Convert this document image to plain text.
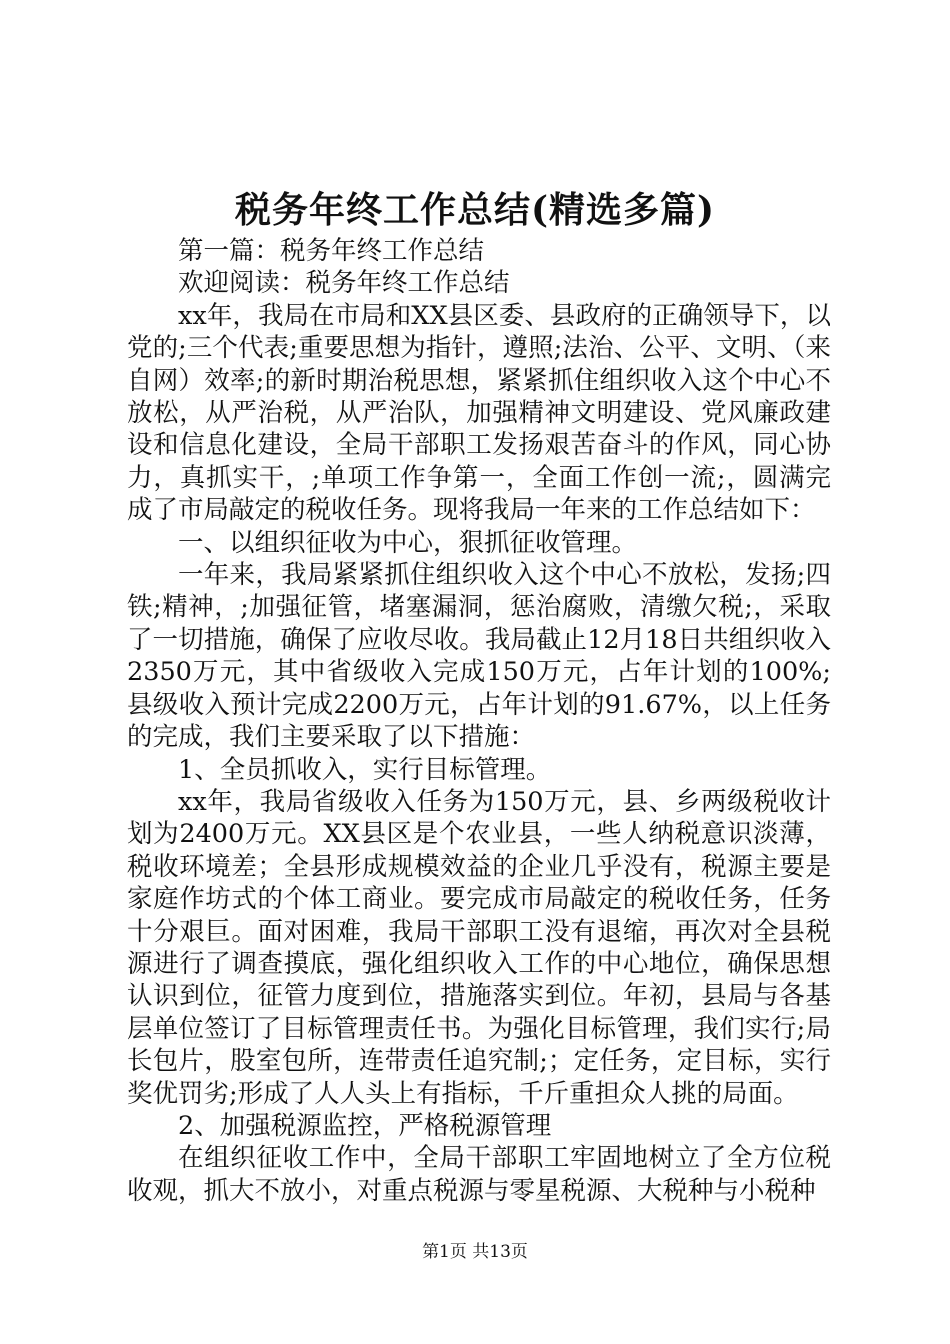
税务年终工作总结(精选多篇)

第一篇：税务年终工作总结

欢迎阅读：税务年终工作总结

xx年，我局在市局和XX县区委、县政府的正确领导下，以党的;三个代表;重要思想为指针，遵照;法治、公平、文明、（来自网）效率;的新时期治税思想，紧紧抓住组织收入这个中心不放松，从严治税，从严治队，加强精神文明建设、党风廉政建设和信息化建设，全局干部职工发扬艰苦奋斗的作风，同心协力，真抓实干，;单项工作争第一，全面工作创一流;，圆满完成了市局敲定的税收任务。现将我局一年来的工作总结如下：

一、以组织征收为中心，狠抓征收管理。

一年来，我局紧紧抓住组织收入这个中心不放松，发扬;四铁;精神，;加强征管，堵塞漏洞，惩治腐败，清缴欠税;，采取了一切措施，确保了应收尽收。我局截止12月18日共组织收入2350万元，其中省级收入完成150万元，占年计划的100%;县级收入预计完成2200万元，占年计划的91.67%，以上任务的完成，我们主要采取了以下措施：

1、全员抓收入，实行目标管理。

xx年，我局省级收入任务为150万元，县、乡两级税收计划为2400万元。XX县区是个农业县，一些人纳税意识淡薄，税收环境差；全县形成规模效益的企业几乎没有，税源主要是家庭作坊式的个体工商业。要完成市局敲定的税收任务，任务十分艰巨。面对困难，我局干部职工没有退缩，再次对全县税源进行了调查摸底，强化组织收入工作的中心地位，确保思想认识到位，征管力度到位，措施落实到位。年初，县局与各基层单位签订了目标管理责任书。为强化目标管理，我们实行;局长包片，股室包所，连带责任追究制;；定任务，定目标，实行奖优罚劣;形成了人人头上有指标，千斤重担众人挑的局面。

2、加强税源监控，严格税源管理

在组织征收工作中，全局干部职工牢固地树立了全方位税收观，抓大不放小，对重点税源与零星税源、大税种与小税种

第1页 共13页
